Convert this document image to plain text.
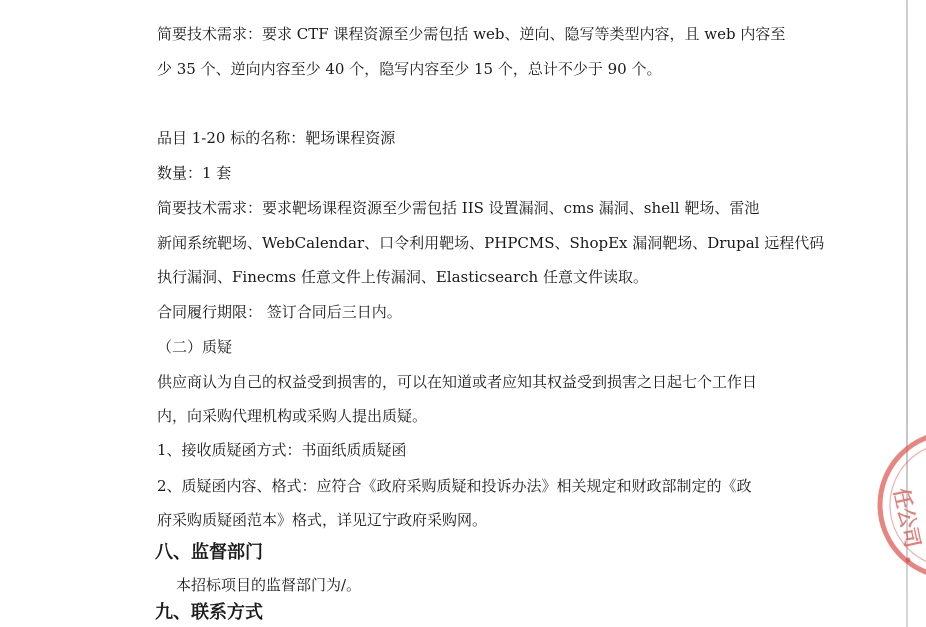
简要技术需求：要求 CTF 课程资源至少需包括 web、逆向、隐写等类型内容，且 web 内容至

少 35 个、逆向内容至少 40 个，隐写内容至少 15 个，总计不少于 90 个。

品目 1-20 标的名称：靶场课程资源

数量：1 套

简要技术需求：要求靶场课程资源至少需包括 IIS 设置漏洞、cms 漏洞、shell 靶场、雷池

新闻系统靶场、WebCalendar、口令利用靶场、PHPCMS、ShopEx 漏洞靶场、Drupal 远程代码

执行漏洞、Finecms 任意文件上传漏洞、Elasticsearch 任意文件读取。

合同履行期限： 签订合同后三日内。

（二）质疑

供应商认为自己的权益受到损害的，可以在知道或者应知其权益受到损害之日起七个工作日

内，向采购代理机构或采购人提出质疑。

1、接收质疑函方式：书面纸质质疑函

2、质疑函内容、格式：应符合《政府采购质疑和投诉办法》相关规定和财政部制定的《政

府采购质疑函范本》格式，详见辽宁政府采购网。

八、监督部门

本招标项目的监督部门为/。

九、联系方式
任公司
